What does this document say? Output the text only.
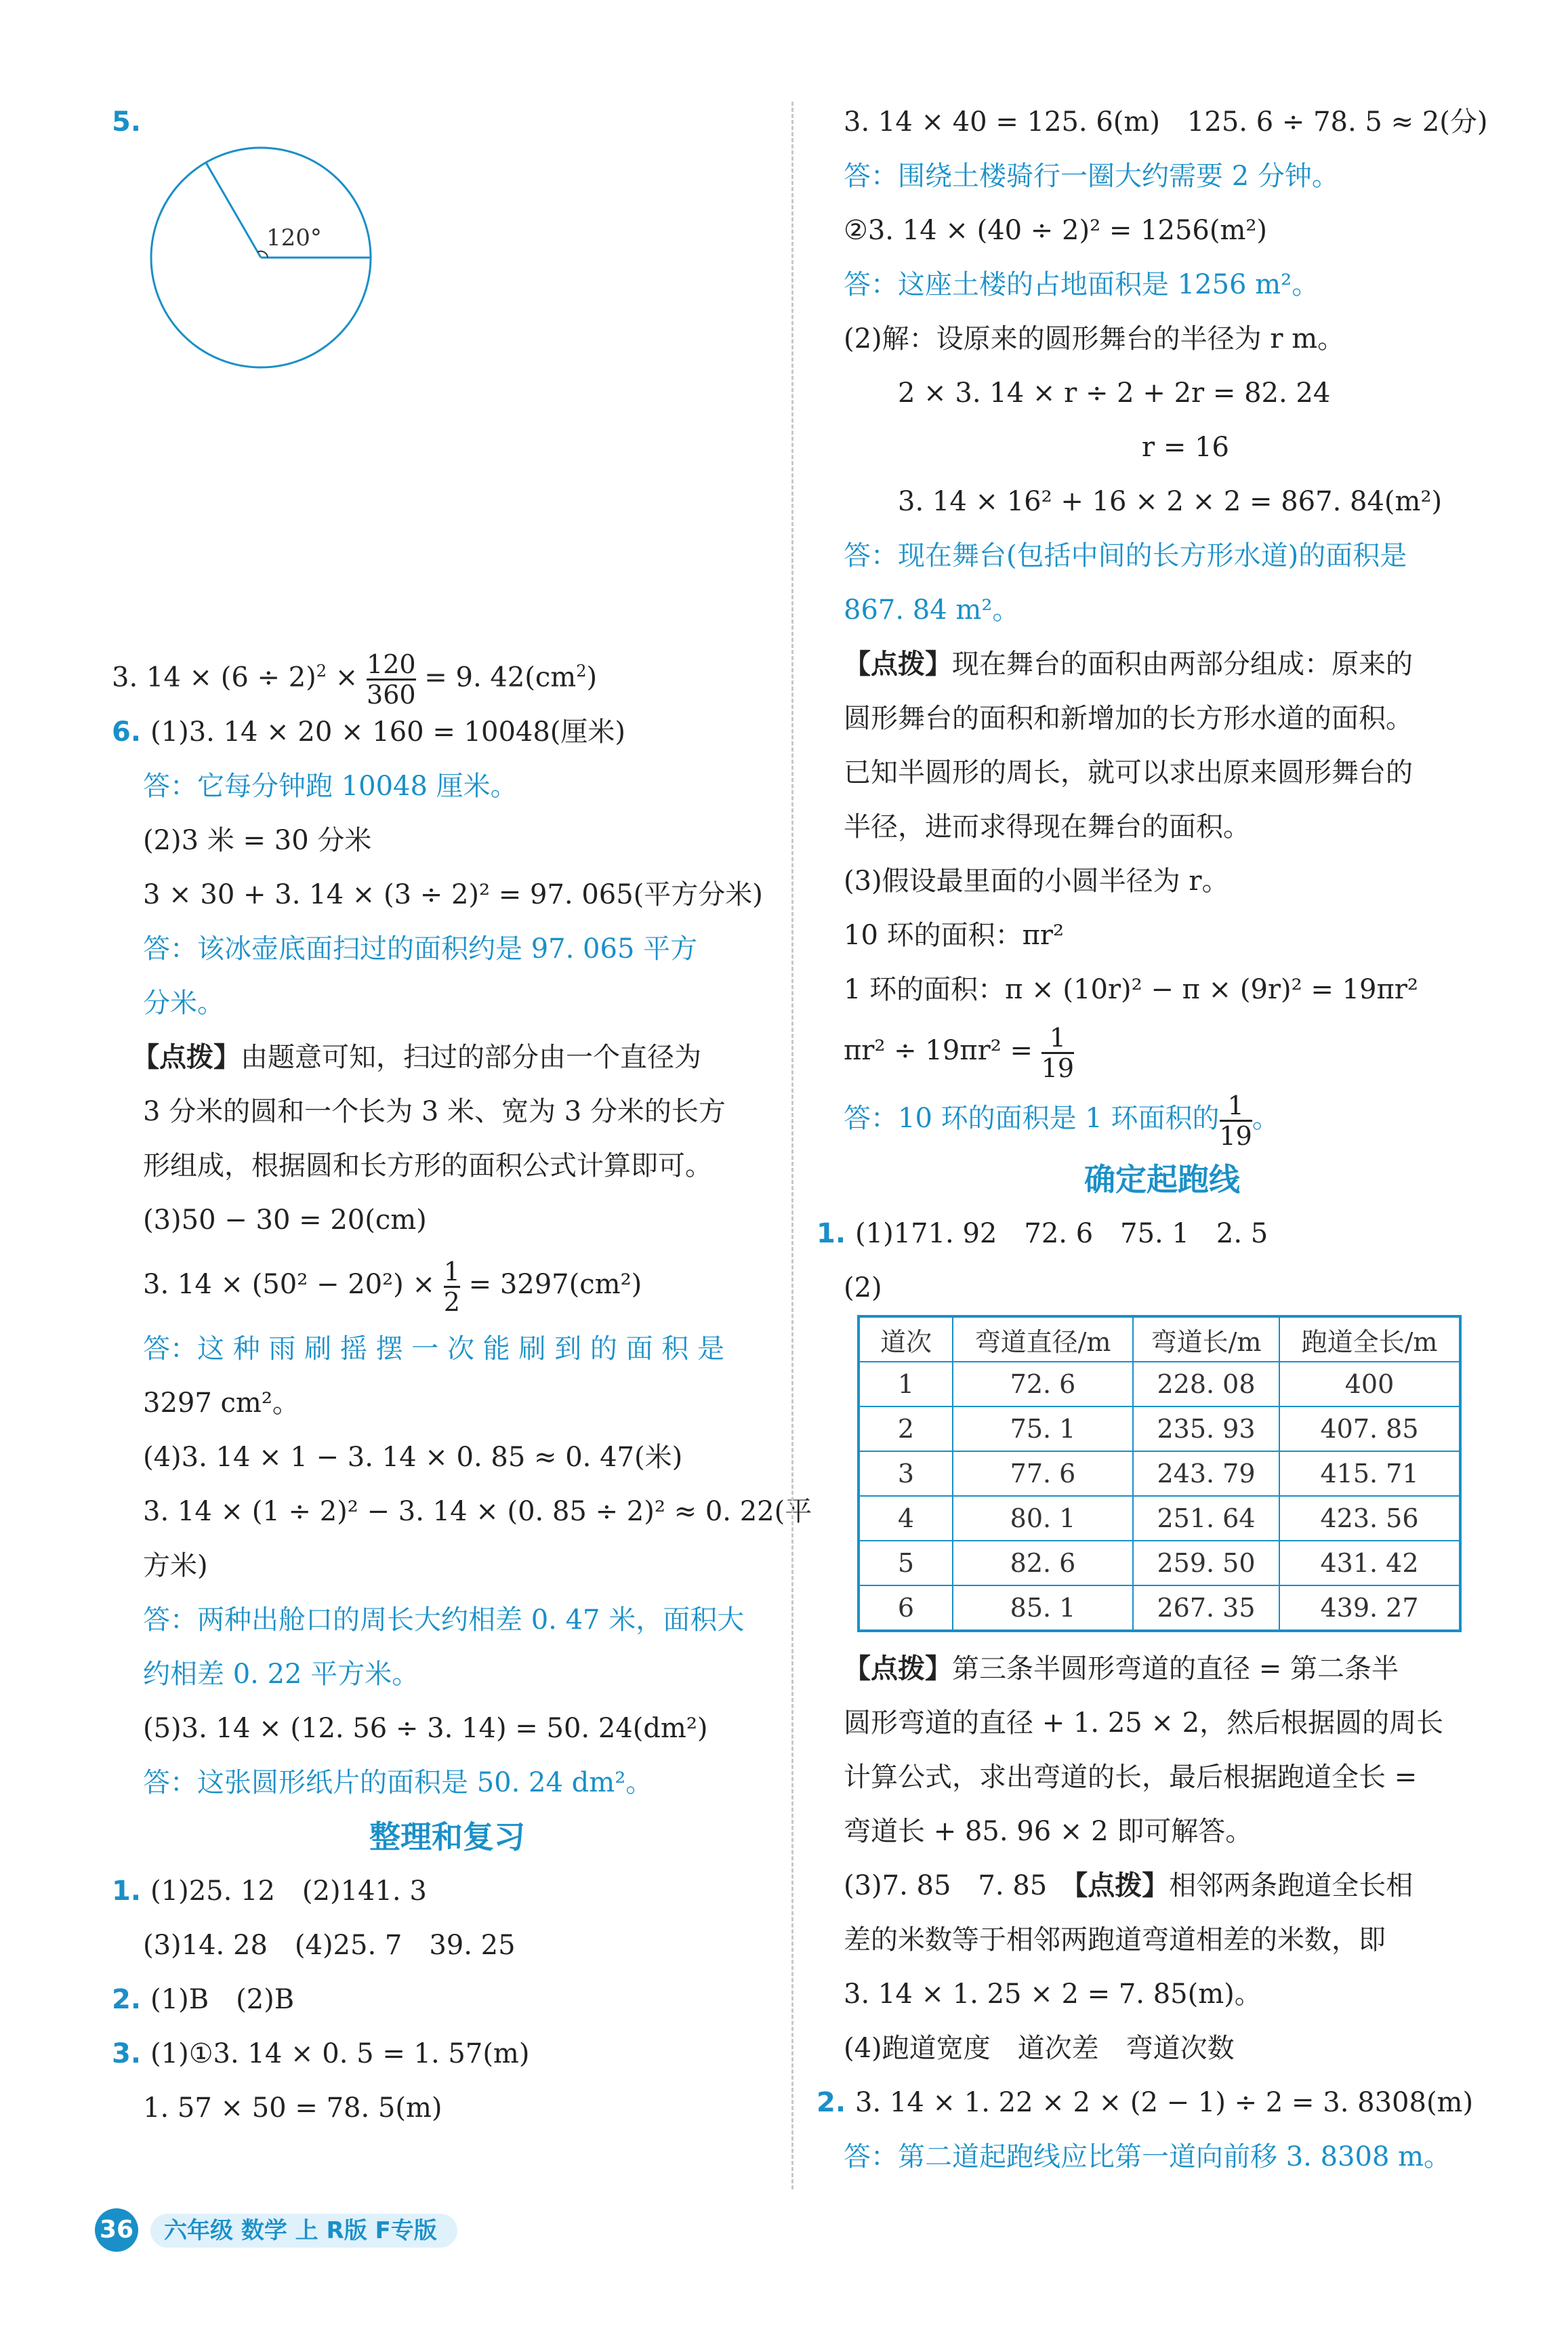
5.
120°
3. $14 \times (6 \div 2)^2 \times \frac{120}{360} = 9$. $42(cm^2)$
6. (1)3. 14 × 20 × 160 = 10048(厘米)
答：它每分钟跑 10048 厘米。
(2)3 米 = 30 分米
3 × 30 + 3. 14 × (3 ÷ 2)² = 97. 065(平方分米)
答：该冰壶底面扫过的面积约是 97. 065 平方
分米。
【点拨】由题意可知，扫过的部分由一个直径为
3 分米的圆和一个长为 3 米、宽为 3 分米的长方
形组成，根据圆和长方形的面积公式计算即可。
(3)50 − 30 = 20(cm)
3. $14 \times (50^2 - 20^2) \times \frac{1}{2} = 3297(cm^2)$
答：这 种 雨 刷 摇 摆 一 次 能 刷 到 的 面 积 是
3297 cm²。
(4)3. 14 × 1 − 3. 14 × 0. 85 ≈ 0. 47(米)
3. 14 × (1 ÷ 2)² − 3. 14 × (0. 85 ÷ 2)² ≈ 0. 22(平
方米)
答：两种出舱口的周长大约相差 0. 47 米，面积大
约相差 0. 22 平方米。
(5)3. 14 × (12. 56 ÷ 3. 14) = 50. 24(dm²)
答：这张圆形纸片的面积是 50. 24 dm²。
整理和复习
1. (1)25. 12　(2)141. 3
(3)14. 28　(4)25. 7　39. 25
2. (1)B　(2)B
3. (1)①3. 14 × 0. 5 = 1. 57(m)
1. 57 × 50 = 78. 5(m)
3. 14 × 40 = 125. 6(m)　125. 6 ÷ 78. 5 ≈ 2(分)
答：围绕土楼骑行一圈大约需要 2 分钟。
②3. 14 × (40 ÷ 2)² = 1256(m²)
答：这座土楼的占地面积是 1256 m²。
(2)解：设原来的圆形舞台的半径为 r m。
2 × 3. 14 × r ÷ 2 + 2r = 82. 24
r = 16
3. 14 × 16² + 16 × 2 × 2 = 867. 84(m²)
答：现在舞台(包括中间的长方形水道)的面积是
867. 84 m²。
【点拨】现在舞台的面积由两部分组成：原来的
圆形舞台的面积和新增加的长方形水道的面积。
已知半圆形的周长，就可以求出原来圆形舞台的
半径，进而求得现在舞台的面积。
(3)假设最里面的小圆半径为 r。
10 环的面积：πr²
1 环的面积：π × (10r)² − π × (9r)² = 19πr²
$\pi r^2 \div 19\pi r^2 = \frac{1}{19}$
答：10 环的面积是 1 环面积的 $\frac{1}{19}$ 。
确定起跑线
1. (1)171. 92　72. 6　75. 1　2. 5
(2)
道次	弯道直径/m	弯道长/m	跑道全长/m
1	72. 6	228. 08	400
2	75. 1	235. 93	407. 85
3	77. 6	243. 79	415. 71
4	80. 1	251. 64	423. 56
5	82. 6	259. 50	431. 42
6	85. 1	267. 35	439. 27
【点拨】第三条半圆形弯道的直径 = 第二条半
圆形弯道的直径 + 1. 25 × 2，然后根据圆的周长
计算公式，求出弯道的长，最后根据跑道全长 =
弯道长 + 85. 96 × 2 即可解答。
(3)7. 85　7. 85　【点拨】相邻两条跑道全长相
差的米数等于相邻两跑道弯道相差的米数，即
3. 14 × 1. 25 × 2 = 7. 85(m)。
(4)跑道宽度　道次差　弯道次数
2. 3. 14 × 1. 22 × 2 × (2 − 1) ÷ 2 = 3. 8308(m)
答：第二道起跑线应比第一道向前移 3. 8308 m。
36	六年级 数学 上 R版 F专版
